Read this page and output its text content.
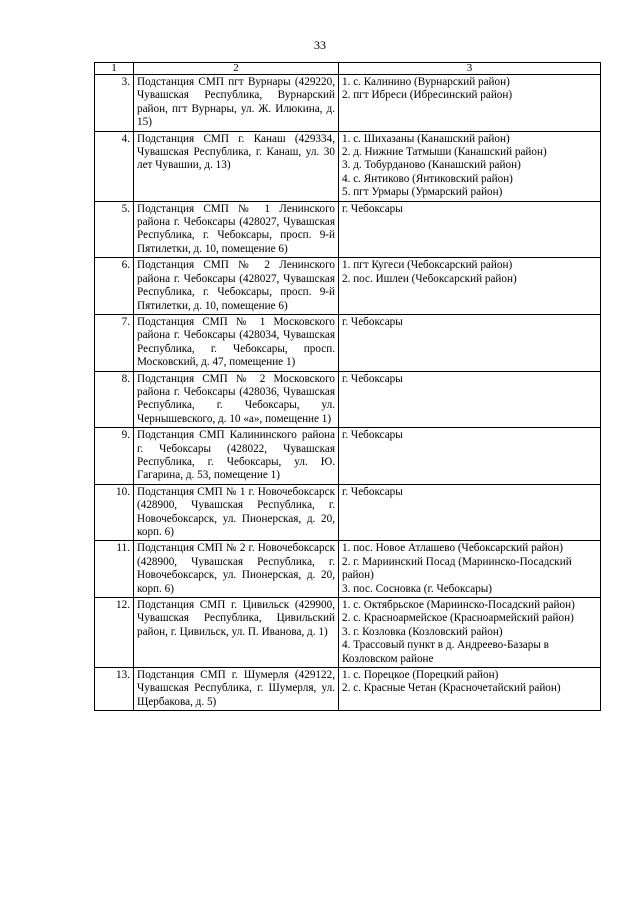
33
1	2	3
3.	Подстанция СМП пгт Вурнары (429220, Чувашская Республика, Вурнарский район, пгт Вурнары, ул. Ж. Илюкина, д. 15)	1. с. Калинино (Вурнарский район)
2. пгт Ибреси (Ибресинский район)

4.	Подстанция СМП г. Канаш (429334, Чувашская Республика, г. Канаш, ул. 30 лет Чувашии, д. 13)	1. с. Шихазаны (Канашский район)
2. д. Нижние Татмыши (Канашский район)
3. д. Тобурданово (Канашский район)
4. с. Янтиково (Янтиковский район)
5. пгт Урмары (Урмарский район)

5.	Подстанция СМП № 1 Ленинского района г. Чебоксары (428027, Чувашская Республика, г. Чебоксары, просп. 9-й Пятилетки, д. 10, помещение 6)	г. Чебоксары

6.	Подстанция СМП № 2 Ленинского района г. Чебоксары (428027, Чувашская Республика, г. Чебоксары, просп. 9-й Пятилетки, д. 10, помещение 6)	1. пгт Кугеси (Чебоксарский район)
2. пос. Ишлеи (Чебоксарский район)

7.	Подстанция СМП № 1 Московского района г. Чебоксары (428034, Чувашская Республика, г. Чебоксары, просп. Московский, д. 47, помещение 1)	г. Чебоксары

8.	Подстанция СМП № 2 Московского района г. Чебоксары (428036, Чувашская Республика, г. Чебоксары, ул. Чернышевского, д. 10 «а», помещение 1)	г. Чебоксары

9.	Подстанция СМП Калининского района г. Чебоксары (428022, Чувашская Республика, г. Чебоксары, ул. Ю. Гагарина, д. 53, помещение 1)	г. Чебоксары

10.	Подстанция СМП № 1 г. Новочебоксарск (428900, Чувашская Республика, г. Новочебоксарск, ул. Пионерская, д. 20, корп. 6)	г. Чебоксары

11.	Подстанция СМП № 2 г. Новочебоксарск (428900, Чувашская Республика, г. Новочебоксарск, ул. Пионерская, д. 20, корп. 6)	1. пос. Новое Атлашево (Чебоксарский район)
2. г. Мариинский Посад (Мариинско-Посадский район)
3. пос. Сосновка (г. Чебоксары)

12.	Подстанция СМП г. Цивильск (429900, Чувашская Республика, Цивильский район, г. Цивильск, ул. П. Иванова, д. 1)	1. с. Октябрьское (Мариинско-Посадский район)
2. с. Красноармейское (Красноармейский район)
3. г. Козловка (Козловский район)
4. Трассовый пункт в д. Андреево-Базары в Козловском районе

13.	Подстанция СМП г. Шумерля (429122, Чувашская Республика, г. Шумерля, ул. Щербакова, д. 5)	1. с. Порецкое (Порецкий район)
2. с. Красные Четан (Красночетайский район)
